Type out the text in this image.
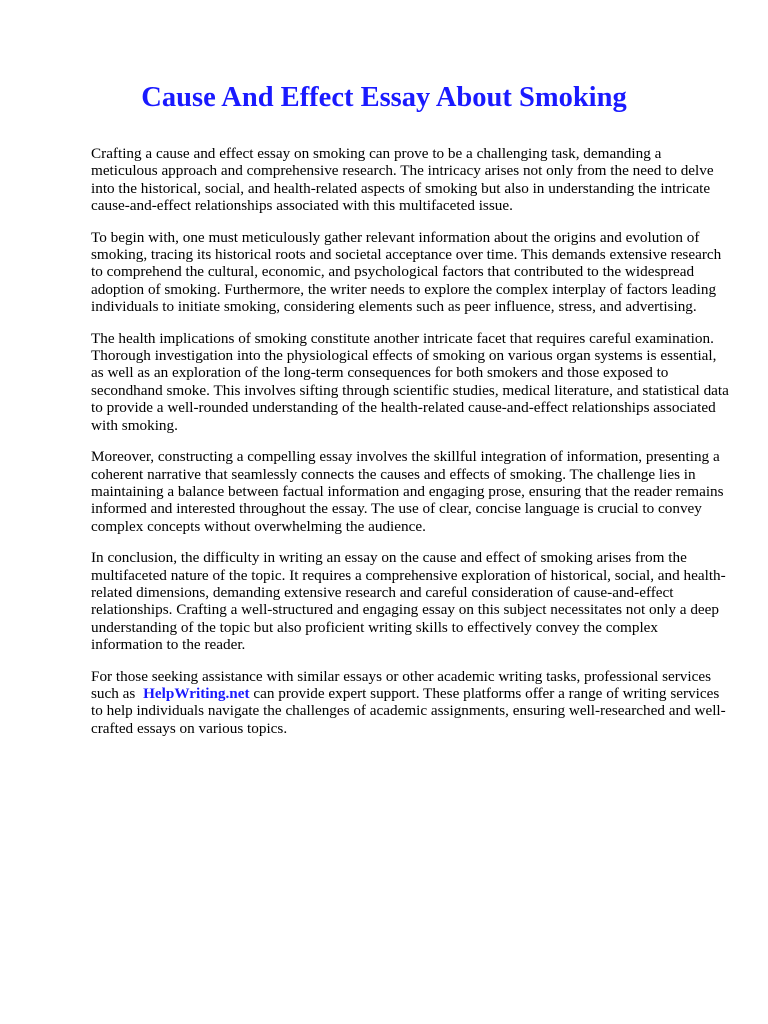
Cause And Effect Essay About Smoking

Crafting a cause and effect essay on smoking can prove to be a challenging task, demanding a meticulous approach and comprehensive research. The intricacy arises not only from the need to delve into the historical, social, and health-related aspects of smoking but also in understanding the intricate cause-and-effect relationships associated with this multifaceted issue.

To begin with, one must meticulously gather relevant information about the origins and evolution of smoking, tracing its historical roots and societal acceptance over time. This demands extensive research to comprehend the cultural, economic, and psychological factors that contributed to the widespread adoption of smoking. Furthermore, the writer needs to explore the complex interplay of factors leading individuals to initiate smoking, considering elements such as peer influence, stress, and advertising.

The health implications of smoking constitute another intricate facet that requires careful examination. Thorough investigation into the physiological effects of smoking on various organ systems is essential, as well as an exploration of the long-term consequences for both smokers and those exposed to secondhand smoke. This involves sifting through scientific studies, medical literature, and statistical data to provide a well-rounded understanding of the health-related cause-and-effect relationships associated with smoking.

Moreover, constructing a compelling essay involves the skillful integration of information, presenting a coherent narrative that seamlessly connects the causes and effects of smoking. The challenge lies in maintaining a balance between factual information and engaging prose, ensuring that the reader remains informed and interested throughout the essay. The use of clear, concise language is crucial to convey complex concepts without overwhelming the audience.

In conclusion, the difficulty in writing an essay on the cause and effect of smoking arises from the multifaceted nature of the topic. It requires a comprehensive exploration of historical, social, and health-related dimensions, demanding extensive research and careful consideration of cause-and-effect relationships. Crafting a well-structured and engaging essay on this subject necessitates not only a deep understanding of the topic but also proficient writing skills to effectively convey the complex information to the reader.

For those seeking assistance with similar essays or other academic writing tasks, professional services such as HelpWriting.net can provide expert support. These platforms offer a range of writing services to help individuals navigate the challenges of academic assignments, ensuring well-researched and well-crafted essays on various topics.
